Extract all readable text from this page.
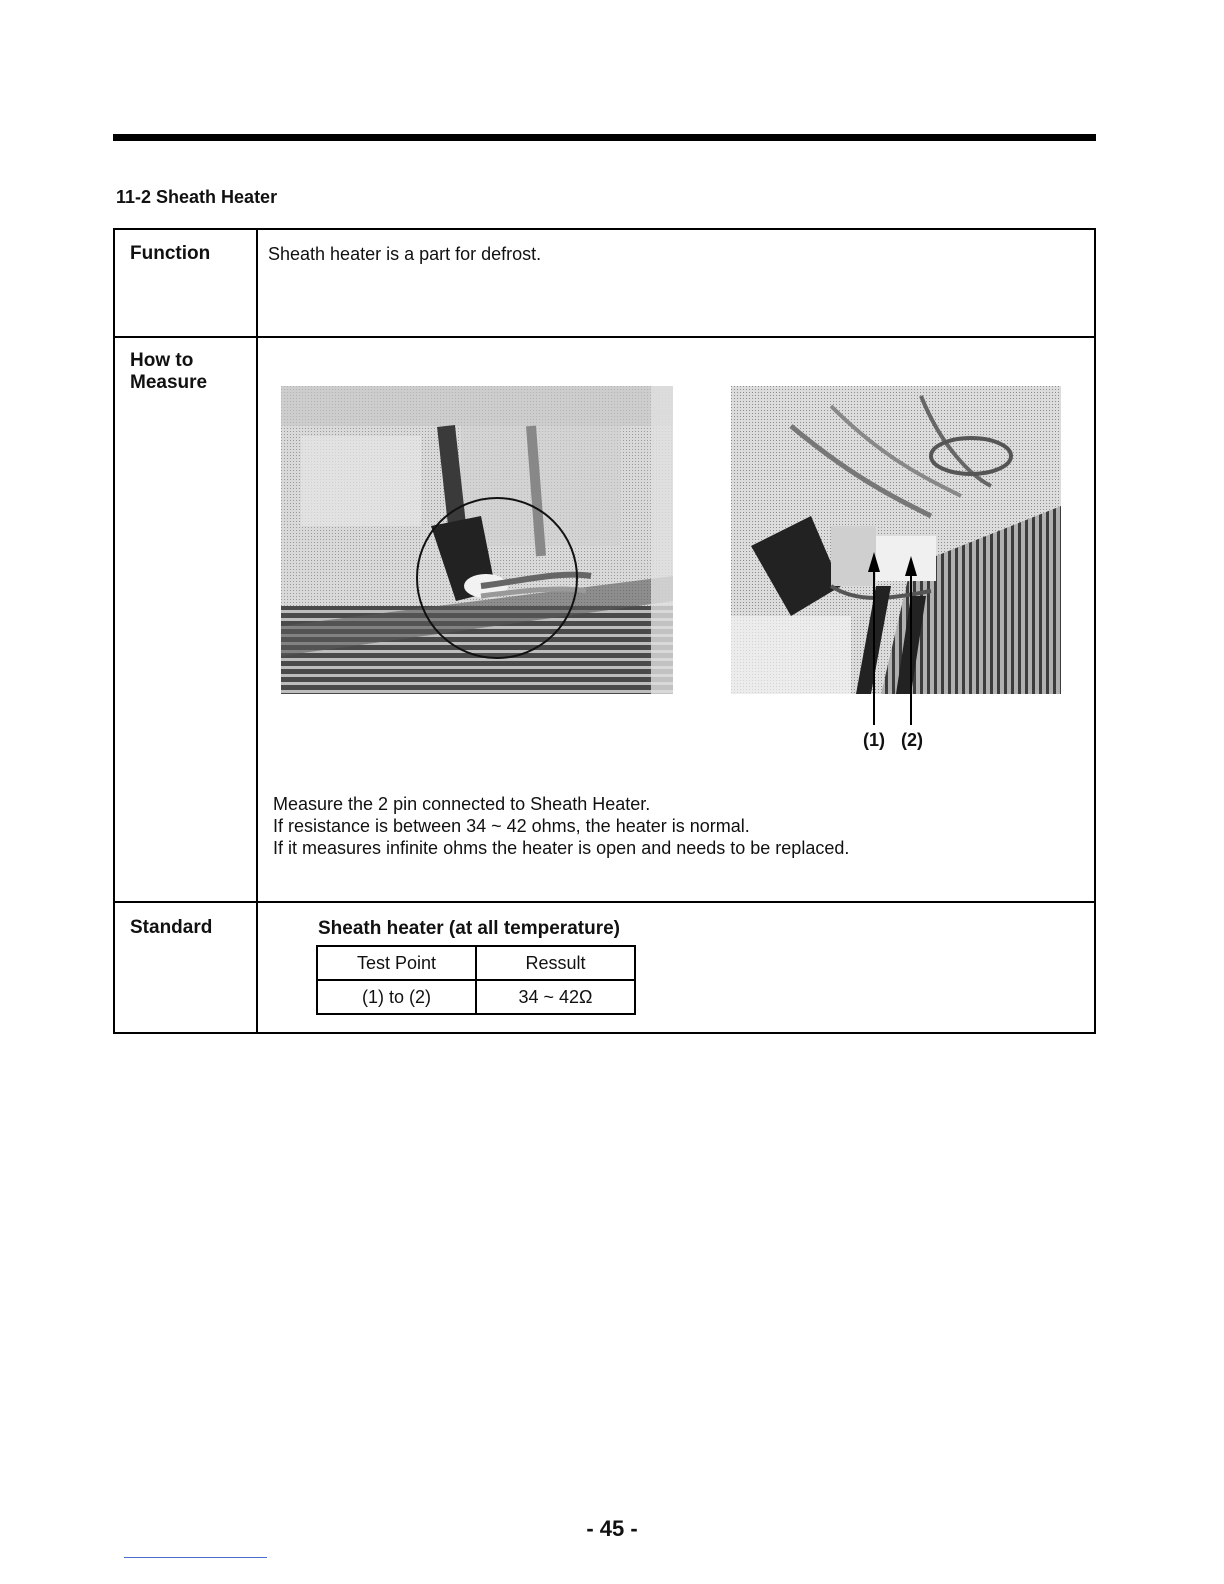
11-2 Sheath Heater
Function	Sheath heater is a part for defrost.
How to
Measure
(1) (2)
Measure the 2 pin connected to Sheath Heater.
If resistance is between 34 ~ 42 ohms, the heater is normal.
If it measures infinite ohms the heater is open and needs to be replaced.
Standard	Sheath heater (at all temperature)
Test Point	Ressult
(1) to (2)	34 ~ 42Ω
- 45 -
